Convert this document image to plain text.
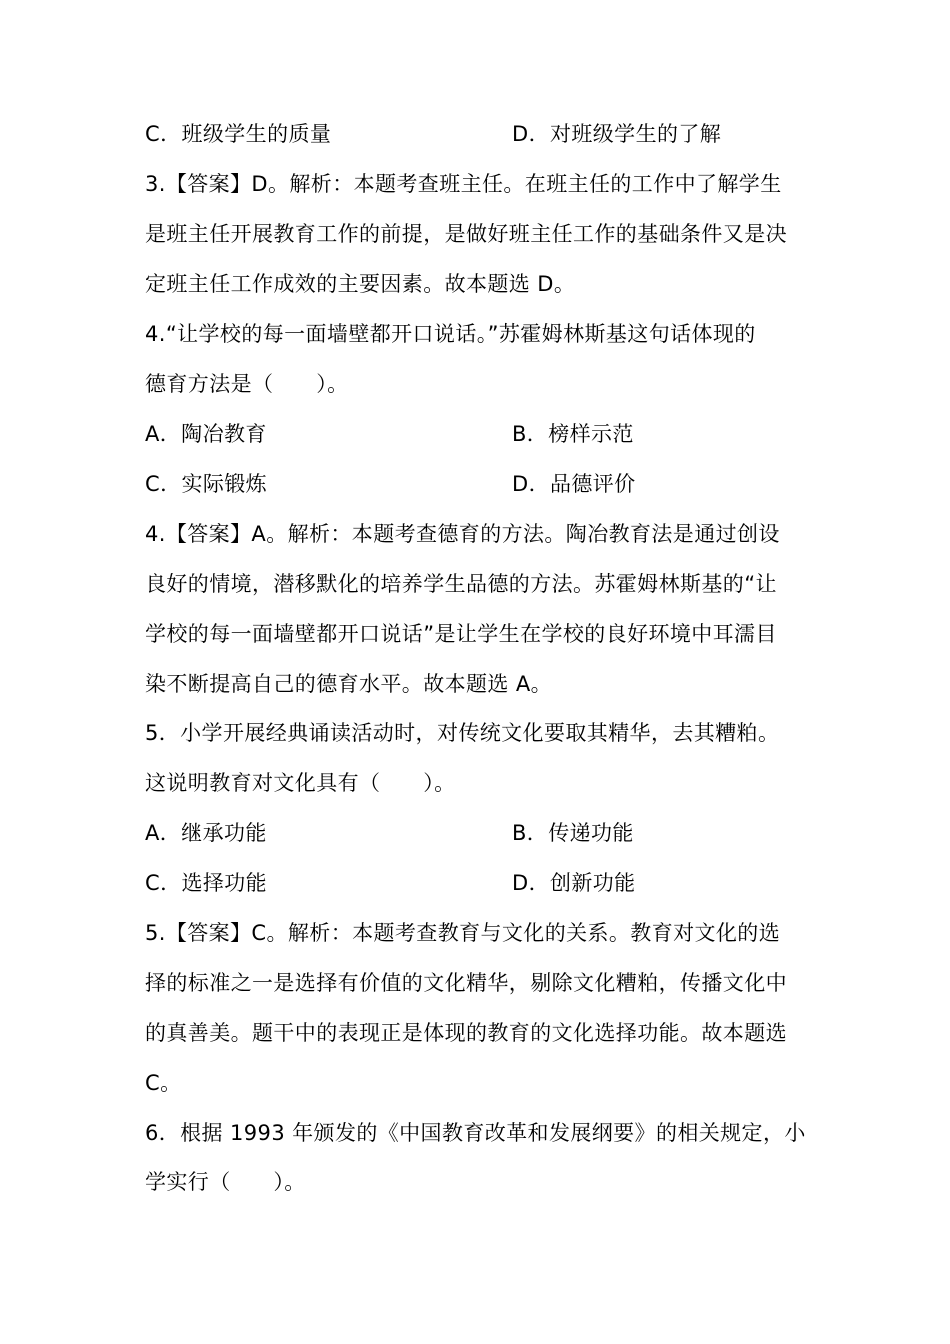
C．班级学生的质量	D．对班级学生的了解
3.【答案】D。解析：本题考查班主任。在班主任的工作中了解学生
是班主任开展教育工作的前提，是做好班主任工作的基础条件又是决
定班主任工作成效的主要因素。故本题选 D。
4.“让学校的每一面墙壁都开口说话。”苏霍姆林斯基这句话体现的
德育方法是（　　）。
A．陶冶教育	B．榜样示范
C．实际锻炼	D．品德评价
4.【答案】A。解析：本题考查德育的方法。陶冶教育法是通过创设
良好的情境，潜移默化的培养学生品德的方法。苏霍姆林斯基的“让
学校的每一面墙壁都开口说话”是让学生在学校的良好环境中耳濡目
染不断提高自己的德育水平。故本题选 A。
5．小学开展经典诵读活动时，对传统文化要取其精华，去其糟粕。
这说明教育对文化具有（　　）。
A．继承功能	B．传递功能
C．选择功能	D．创新功能
5.【答案】C。解析：本题考查教育与文化的关系。教育对文化的选
择的标准之一是选择有价值的文化精华，剔除文化糟粕，传播文化中
的真善美。题干中的表现正是体现的教育的文化选择功能。故本题选
C。
6．根据 1993 年颁发的《中国教育改革和发展纲要》的相关规定，小
学实行（　　）。
